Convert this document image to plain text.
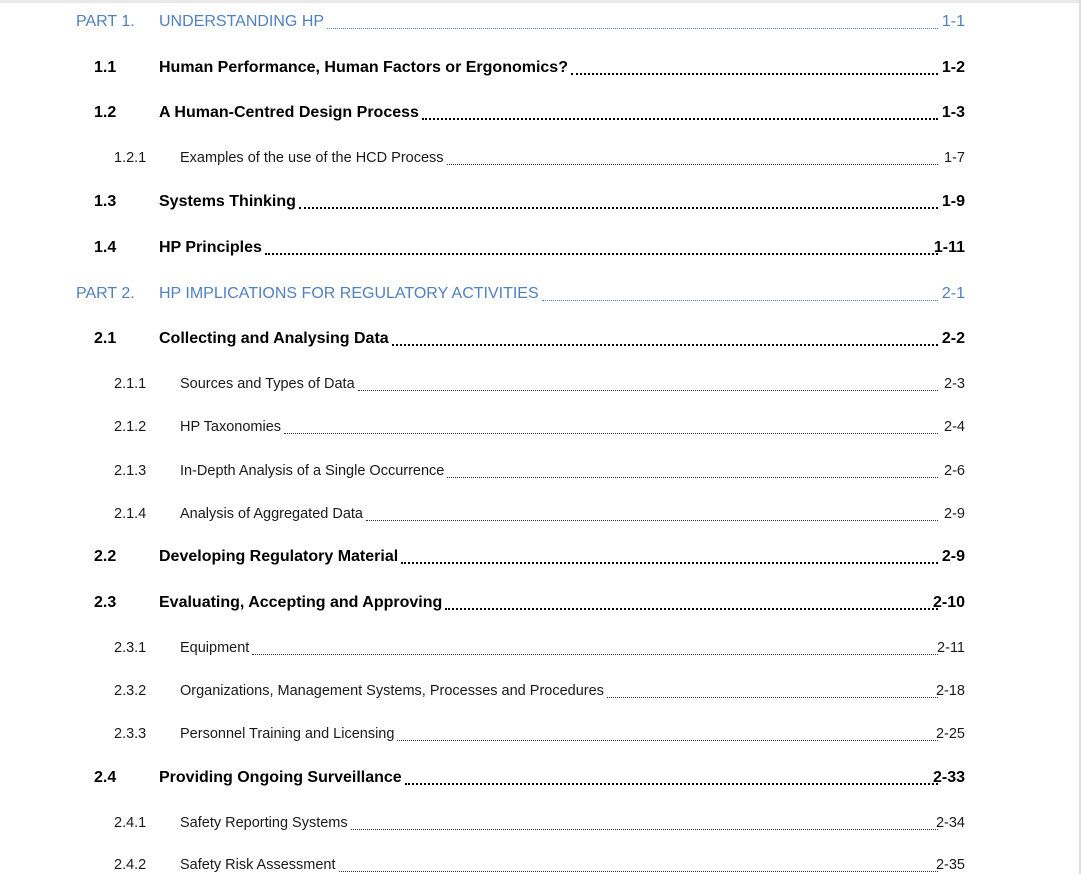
PART 1. UNDERSTANDING HP	1-1
1.1	Human Performance, Human Factors or Ergonomics?	1-2
1.2	A Human-Centred Design Process	1-3
1.2.1 Examples of the use of the HCD Process	1-7
1.3	Systems Thinking	1-9
1.4	HP Principles	1-11
PART 2. HP IMPLICATIONS FOR REGULATORY ACTIVITIES	2-1
2.1	Collecting and Analysing Data	2-2
2.1.1 Sources and Types of Data	2-3
2.1.2 HP Taxonomies	2-4
2.1.3 In-Depth Analysis of a Single Occurrence	2-6
2.1.4 Analysis of Aggregated Data	2-9
2.2	Developing Regulatory Material	2-9
2.3	Evaluating, Accepting and Approving	2-10
2.3.1 Equipment	2-11
2.3.2 Organizations, Management Systems, Processes and Procedures	2-18
2.3.3 Personnel Training and Licensing	2-25
2.4	Providing Ongoing Surveillance	2-33
2.4.1 Safety Reporting Systems	2-34
2.4.2 Safety Risk Assessment	2-35
